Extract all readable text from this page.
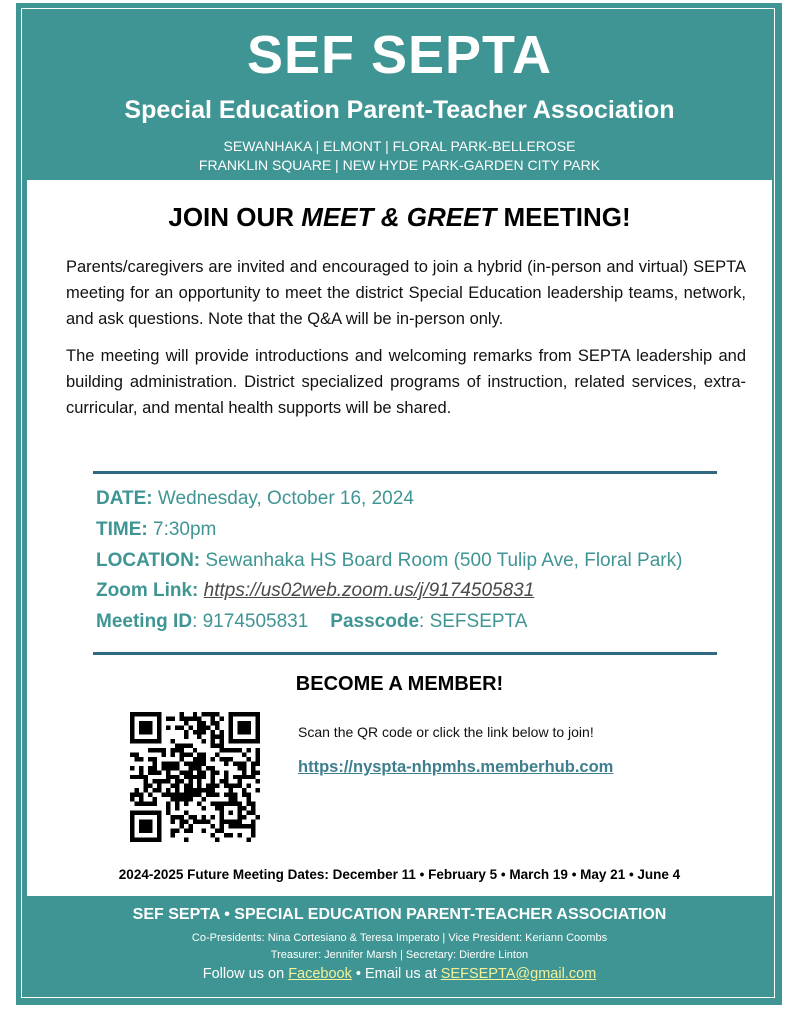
SEF SEPTA
Special Education Parent-Teacher Association
SEWANHAKA | ELMONT | FLORAL PARK-BELLEROSE
FRANKLIN SQUARE | NEW HYDE PARK-GARDEN CITY PARK
JOIN OUR MEET & GREET MEETING!
Parents/caregivers are invited and encouraged to join a hybrid (in-person and virtual) SEPTA meeting for an opportunity to meet the district Special Education leadership teams, network, and ask questions. Note that the Q&A will be in-person only.
The meeting will provide introductions and welcoming remarks from SEPTA leadership and building administration. District specialized programs of instruction, related services, extra-curricular, and mental health supports will be shared.
DATE: Wednesday, October 16, 2024
TIME: 7:30pm
LOCATION: Sewanhaka HS Board Room (500 Tulip Ave, Floral Park)
Zoom Link: https://us02web.zoom.us/j/9174505831
Meeting ID: 9174505831 Passcode: SEFSEPTA
BECOME A MEMBER!
Scan the QR code or click the link below to join!
https://nyspta-nhpmhs.memberhub.com
2024-2025 Future Meeting Dates: December 11 • February 5 • March 19 • May 21 • June 4
SEF SEPTA • SPECIAL EDUCATION PARENT-TEACHER ASSOCIATION
Co-Presidents: Nina Cortesiano & Teresa Imperato | Vice President: Keriann Coombs
Treasurer: Jennifer Marsh | Secretary: Dierdre Linton
Follow us on Facebook • Email us at SEFSEPTA@gmail.com
